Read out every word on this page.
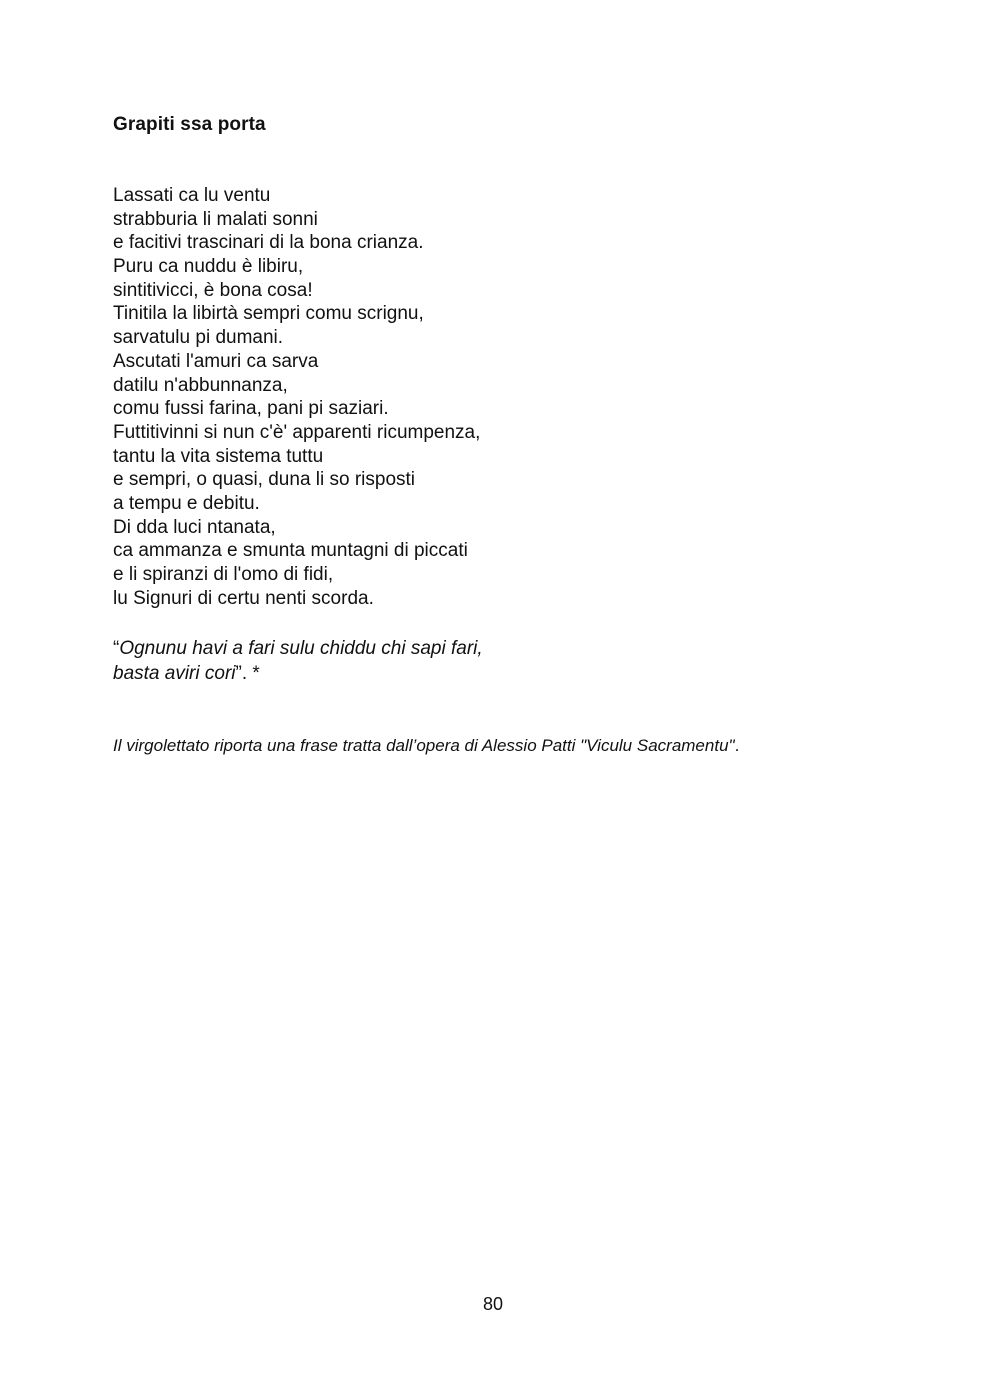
Grapiti ssa porta
Lassati ca lu ventu
strabburia li malati sonni
e facitivi trascinari di la bona crianza.
Puru ca nuddu è libiru,
sintitivicci, è bona cosa!
Tinitila la libirtà sempri comu scrignu,
sarvatulu pi dumani.
Ascutati l'amuri ca sarva
datilu n'abbunnanza,
comu fussi farina, pani pi saziari.
Futtitivinni si nun c'è' apparenti ricumpenza,
tantu la vita sistema tuttu
e sempri, o quasi, duna li so risposti
a tempu e debitu.
Di dda luci ntanata,
ca ammanza e smunta muntagni di piccati
e li spiranzi di l'omo di fidi,
lu Signuri di certu nenti scorda.

“Ognunu havi a fari sulu chiddu chi sapi fari,
basta aviri cori”. *

Il virgolettato riporta una frase tratta dall’opera di Alessio Patti "Viculu Sacramentu".

80
